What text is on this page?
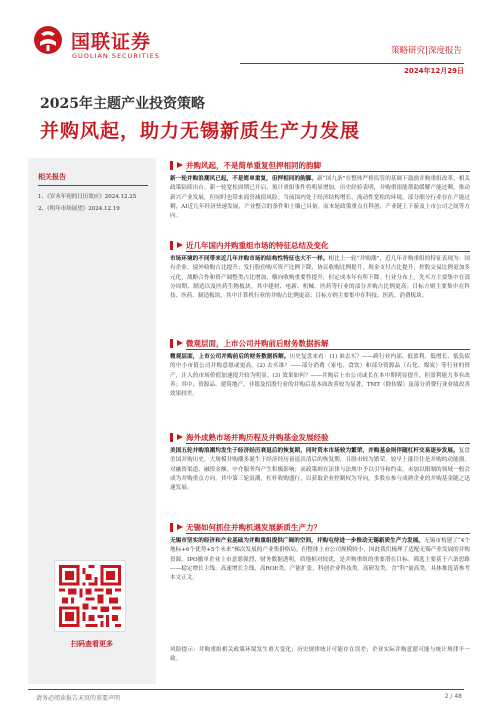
国联证券
GUOLIAN SECURITIES	策略研究|深度报告
2024年12月29日
2025年主题产业投资策略
并购风起，助力无锡新质生产力发展
相关报告
1、《岁末年初的日历效应》2024.12.25
2、《明年市场展望》2024.12.19
扫码查看更多
并购风起，不是简单重复但押相同的韵脚
新一轮并购浪潮风已起，不是简单重复，但押相同的韵脚。新“国九条”在整体严格监管的基调下鼓励并购重组改革，相关政策陆续出台，新一轮宽松周期已开启，預计重组事件将明显增加。历史经验表明，并购重组能帮助缓解产能过剩，推动新兴产业发展，但同时也带来商誉减值风险。当前国内处于经济结构增长、流动性宽松的环境，部分细分行业存在产能过剩，AI近几年经济快速发展，产业整合的条件和土壤已具备。而本轮政策重点在科创、产业链上下游及上市公司之间等方向。
近几年国内并购重组市场的特征总结及变化
市场环境的不同带来近几年并购市场的结构性特征也大不一样。相比上一轮“并购潮”，近几年并购重组的特征表现为：国有企业、境外收购占比提升；发行股份购买资产比例下降、协议收购比例提升，现金支付占比提升，控股交易比例更加多元化，战略合作和资产调整类占比增加，横向收购重要性提升，但定成本年有所下降。行业分布上，先买方主要集中在部分周期、制造以及医药生物板块，其中建材、电新、机械、医药等行业的部分并购占比例更高；目标方则主要集中在科技、医药、制造板块，其中计算机行业的并购占比例更高；目标方则主要集中在科技、医药、消费板块。
微观层面，上市公司并购前后财务数据拆解
微观层面，上市公司并购前后的财务数据拆解。历史复盘来看：(1) 谁去买？——跨行业内部、低盈利、低增长、低负债的中小市值公司并购意愿或更高。(2) 去买谁？——部分消费（家电、食饮）和部分资源品（石化、煤炭）等行业的资产，注入的市场价值加速提升较为明显。(3) 效果如何？——并购后上市公司或长在本中期明显提升，但盈利能力多有改善；其中，资源品、建筑地产、非银及招股行业的并购后基本面改善较为显著，TMT（除传媒）及部分消费行业业绩改善效果较差。
海外成熟市场并购历程及并购基金发展经验
美国五轮并购浪潮均发生于经济经历衰退后的恢复期，同时资本市场较为繁荣，并购基金则伴随杠杆交易逐步发展。复盘美国并购历史，大规模并购潮多诞生于经济经历衰退出清后的恢复期，且股市较为繁荣。较早上涨往往是并购的动能器，对融资渠道、融资金额、中介服务均产生积极影响；而政策则在法律与法规中予以引导和约束，未加以限制的领域一般会成为并购重点方向。其中第三轮浪潮，杠杆收购盛行，以获取企业控制权为导向，多股东参与成熟企业的并购基金随之迅速发展。
无锡如何抓住并购机遇发展新质生产力？
无锡市坚实的经济和产业基础为并购重组提供广阔的空间，并购屯待进一步推动无锡新质生产力发展。无锡市构建了“4个地标+6个优势+5个未来”梯次发展的产业集群格局，但整体上市公司规模较小，因此我们梳理了适配无锡产业发展的并购资源。IPO撤单企业上市意愿强烈，财务数据透明，质地相对较优，是并购重组的重要潜在目标。筛选主要基于六条思路——稳定增长主线、高速增长主线、高ROE类，产能扩张，科创企业科技类、高研发类、含“科”量高类，具体推选请参考本文正文。
风险提示：并购重组相关政策环境发生重大变化；历史规律统计可能存在误差；企业实际并购意愿可能与统计规律不一致。
请务必阅读报告末页的重要声明	2 / 48
